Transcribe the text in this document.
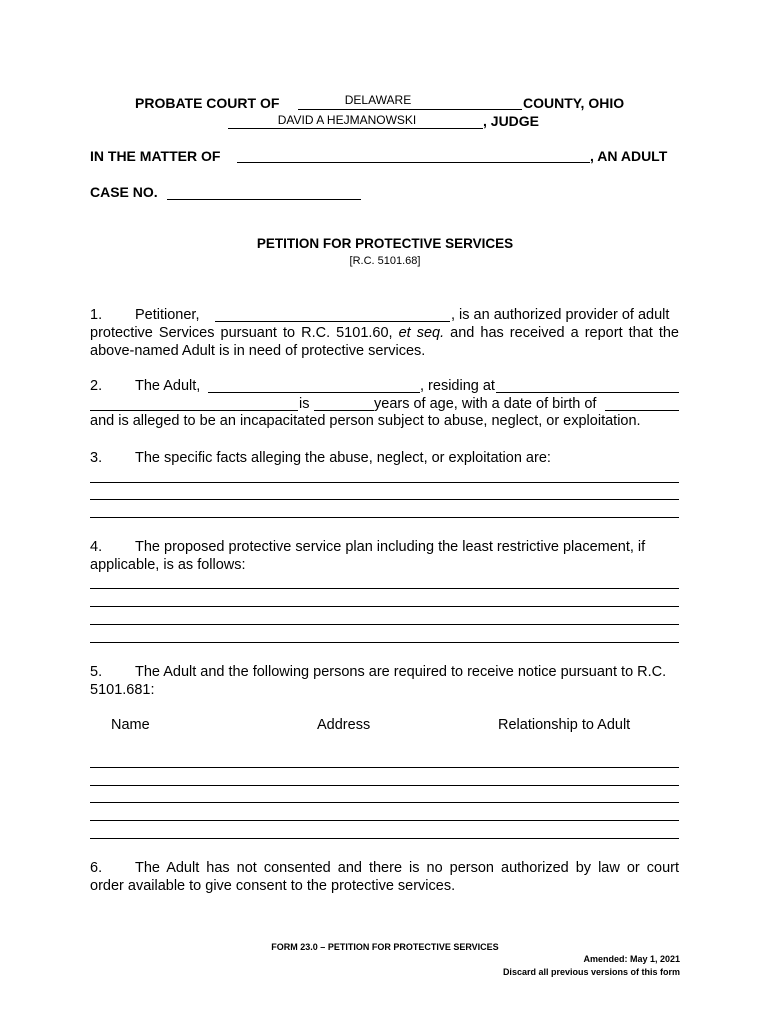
PROBATE COURT OF	DELAWARE	COUNTY, OHIO
DAVID A HEJMANOWSKI	, JUDGE
IN THE MATTER OF	, AN ADULT
CASE NO.
PETITION FOR PROTECTIVE SERVICES
[R.C. 5101.68]
1. Petitioner,	, is an authorized provider of adult
protective Services pursuant to R.C. 5101.60, et seq. and has received a report that the
above-named Adult is in need of protective services.
2. The Adult,	, residing at
is	years of age, with a date of birth of
and is alleged to be an incapacitated person subject to abuse, neglect, or exploitation.
3. The specific facts alleging the abuse, neglect, or exploitation are:
4. The proposed protective service plan including the least restrictive placement, if
applicable, is as follows:
5. The Adult and the following persons are required to receive notice pursuant to R.C.
5101.681:
Name	Address	Relationship to Adult
6. The Adult has not consented and there is no person authorized by law or court
order available to give consent to the protective services.
FORM 23.0 – PETITION FOR PROTECTIVE SERVICES
Amended: May 1, 2021
Discard all previous versions of this form
